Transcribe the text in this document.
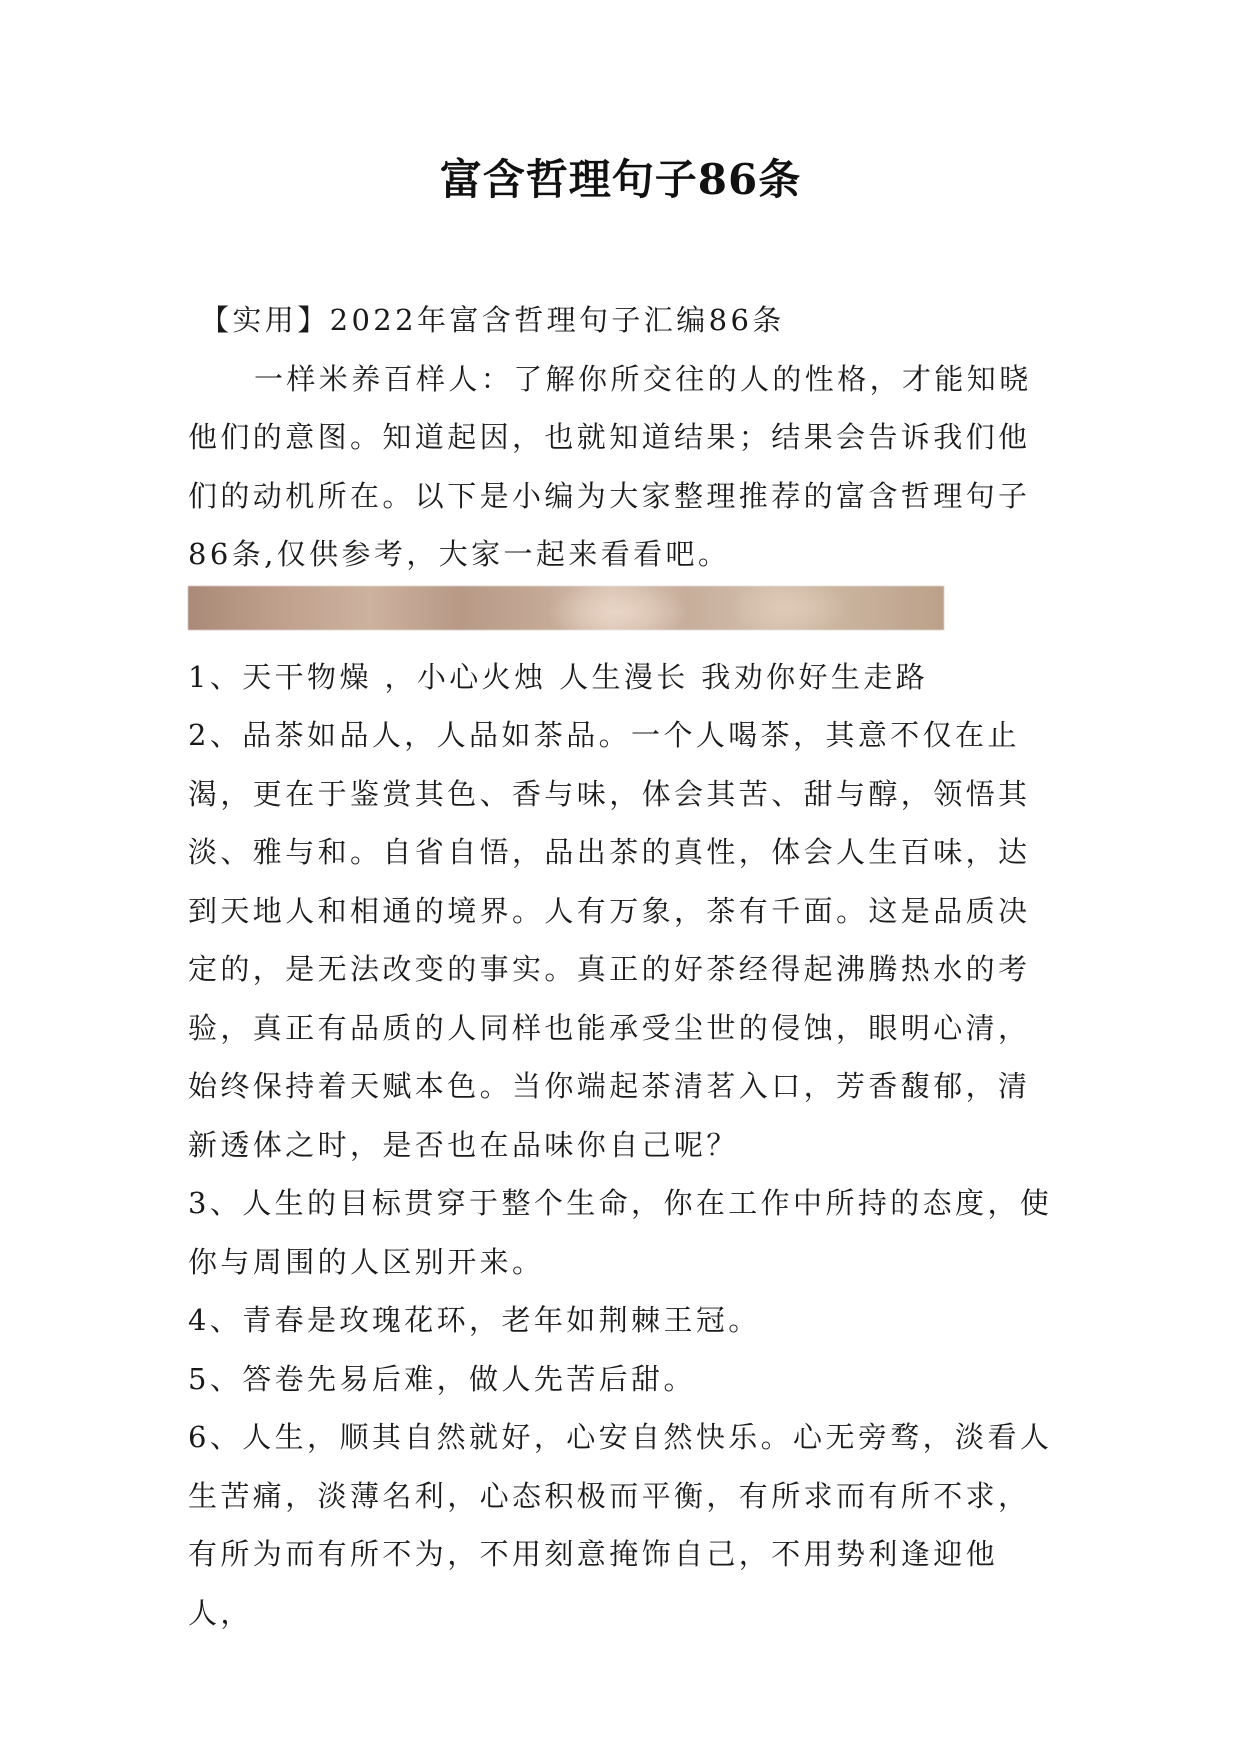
富含哲理句子86条

【实用】2022年富含哲理句子汇编86条

一样米养百样人：了解你所交往的人的性格，才能知晓他们的意图。知道起因，也就知道结果；结果会告诉我们他们的动机所在。以下是小编为大家整理推荐的富含哲理句子86条,仅供参考，大家一起来看看吧。

1、天干物燥 ，小心火烛 人生漫长 我劝你好生走路

2、品茶如品人，人品如茶品。一个人喝茶，其意不仅在止渴，更在于鉴赏其色、香与味，体会其苦、甜与醇，领悟其淡、雅与和。自省自悟，品出茶的真性，体会人生百味，达到天地人和相通的境界。人有万象，茶有千面。这是品质决定的，是无法改变的事实。真正的好茶经得起沸腾热水的考验，真正有品质的人同样也能承受尘世的侵蚀，眼明心清，始终保持着天赋本色。当你端起茶清茗入口，芳香馥郁，清新透体之时，是否也在品味你自己呢？

3、人生的目标贯穿于整个生命，你在工作中所持的态度，使你与周围的人区别开来。

4、青春是玫瑰花环，老年如荆棘王冠。

5、答卷先易后难，做人先苦后甜。

6、人生，顺其自然就好，心安自然快乐。心无旁骛，淡看人生苦痛，淡薄名利，心态积极而平衡，有所求而有所不求，有所为而有所不为，不用刻意掩饰自己，不用势利逢迎他人，
